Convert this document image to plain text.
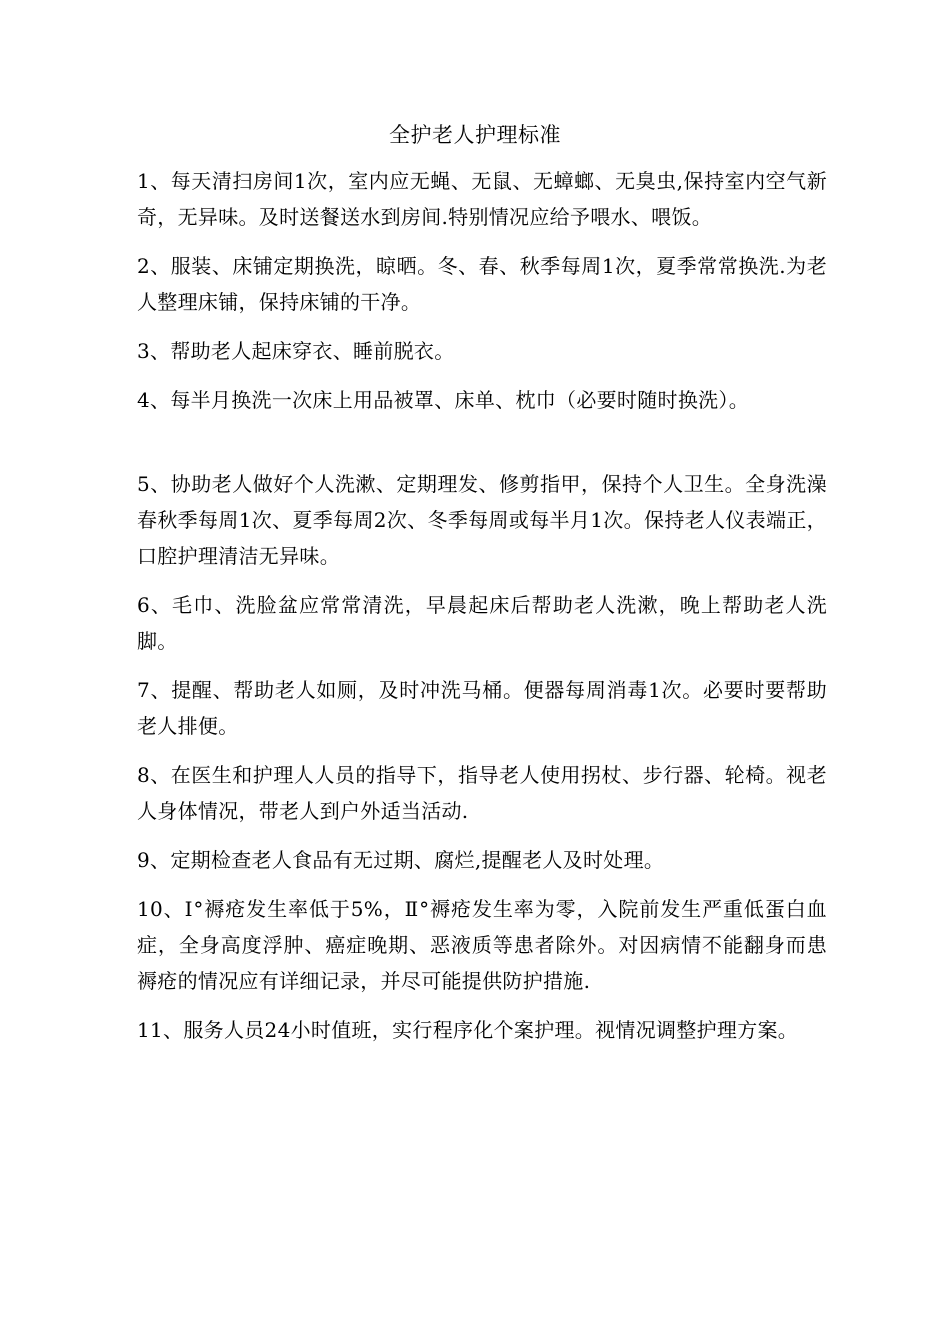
全护老人护理标准

1、每天清扫房间1次，室内应无蝇、无鼠、无蟑螂、无臭虫,保持室内空气新奇，无异味。及时送餐送水到房间.特别情况应给予喂水、喂饭。

2、服装、床铺定期换洗，晾晒。冬、春、秋季每周1次，夏季常常换洗.为老人整理床铺，保持床铺的干净。

3、帮助老人起床穿衣、睡前脱衣。

4、每半月换洗一次床上用品被罩、床单、枕巾（必要时随时换洗）。

5、协助老人做好个人洗漱、定期理发、修剪指甲，保持个人卫生。全身洗澡春秋季每周1次、夏季每周2次、冬季每周或每半月1次。保持老人仪表端正，口腔护理清洁无异味。

6、毛巾、洗脸盆应常常清洗，早晨起床后帮助老人洗漱，晚上帮助老人洗脚。

7、提醒、帮助老人如厕，及时冲洗马桶。便器每周消毒1次。必要时要帮助老人排便。

8、在医生和护理人人员的指导下，指导老人使用拐杖、步行器、轮椅。视老人身体情况，带老人到户外适当活动.

9、定期检查老人食品有无过期、腐烂,提醒老人及时处理。

10、Ⅰ°褥疮发生率低于5%，Ⅱ°褥疮发生率为零，入院前发生严重低蛋白血症，全身高度浮肿、癌症晚期、恶液质等患者除外。对因病情不能翻身而患褥疮的情况应有详细记录，并尽可能提供防护措施.

11、服务人员24小时值班，实行程序化个案护理。视情况调整护理方案。
